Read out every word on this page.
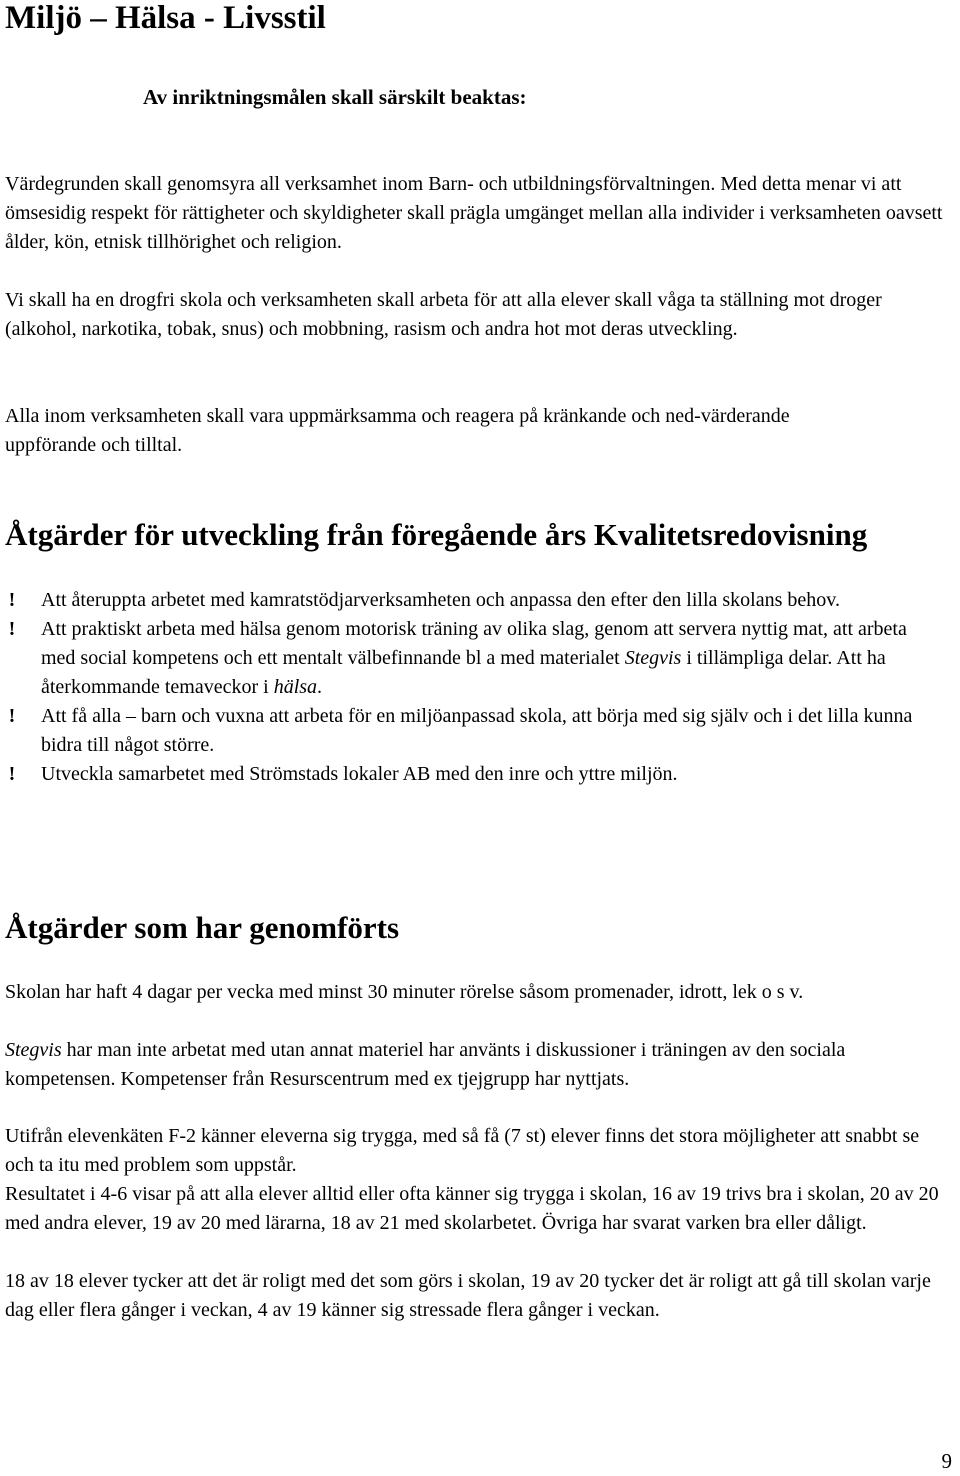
Miljö – Hälsa - Livsstil
Av inriktningsmålen skall särskilt beaktas:

Värdegrunden skall genomsyra all verksamhet inom Barn- och utbildningsförvaltningen. Med detta menar vi att ömsesidig respekt för rättigheter och skyldigheter skall prägla umgänget mellan alla individer i verksamheten oavsett ålder, kön, etnisk tillhörighet och religion.

Vi skall ha en drogfri skola och verksamheten skall arbeta för att alla elever skall våga ta ställning mot droger (alkohol, narkotika, tobak, snus) och mobbning, rasism och andra hot mot deras utveckling.

Alla inom verksamheten skall vara uppmärksamma och reagera på kränkande och ned-värderande uppförande och tilltal.

Åtgärder för utveckling från föregående års Kvalitetsredovisning
! Att återuppta arbetet med kamratstödjarverksamheten och anpassa den efter den lilla skolans behov.
! Att praktiskt arbeta med hälsa genom motorisk träning av olika slag, genom att servera nyttig mat, att arbeta med social kompetens och ett mentalt välbefinnande bl a med materialet Stegvis i tillämpliga delar. Att ha återkommande temaveckor i hälsa.
! Att få alla – barn och vuxna att arbeta för en miljöanpassad skola, att börja med sig själv och i det lilla kunna bidra till något större.
! Utveckla samarbetet med Strömstads lokaler AB med den inre och yttre miljön.
Åtgärder som har genomförts

Skolan har haft 4 dagar per vecka med minst 30 minuter rörelse såsom promenader, idrott, lek o s v.

Stegvis har man inte arbetat med utan annat materiel har använts i diskussioner i träningen av den sociala kompetensen. Kompetenser från Resurscentrum med ex tjejgrupp har nyttjats.

Utifrån elevenkäten F-2 känner eleverna sig trygga, med så få (7 st) elever finns det stora möjligheter att snabbt se och ta itu med problem som uppstår.

Resultatet i 4-6 visar på att alla elever alltid eller ofta känner sig trygga i skolan, 16 av 19 trivs bra i skolan, 20 av 20 med andra elever, 19 av 20 med lärarna, 18 av 21 med skolarbetet. Övriga har svarat varken bra eller dåligt.

18 av 18 elever tycker att det är roligt med det som görs i skolan, 19 av 20 tycker det är roligt att gå till skolan varje dag eller flera gånger i veckan, 4 av 19 känner sig stressade flera gånger i veckan.

9
